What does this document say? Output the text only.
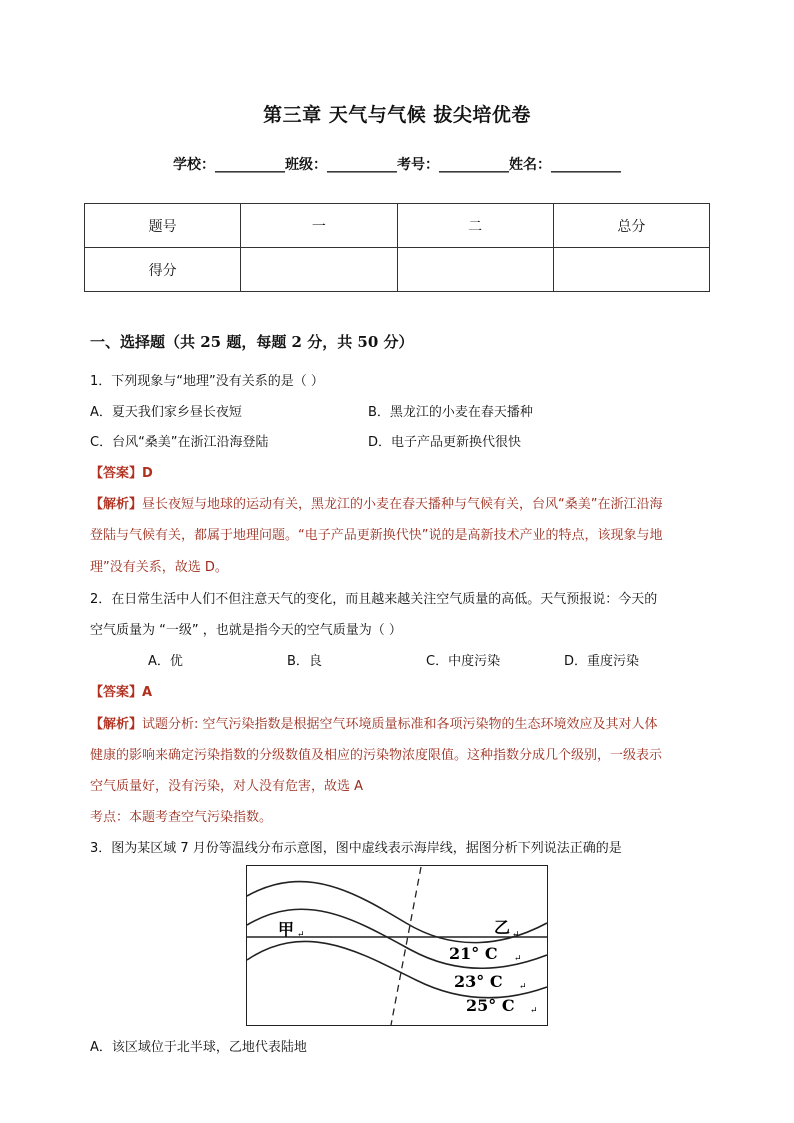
第三章 天气与气候 拔尖培优卷
学校：__________班级：__________考号：__________姓名：__________
题号	一	二	总分
得分			
一、选择题（共 25 题，每题 2 分，共 50 分）
1．下列现象与“地理”没有关系的是（ ）
A．夏天我们家乡昼长夜短	B．黑龙江的小麦在春天播种
C．台风“桑美”在浙江沿海登陆	D．电子产品更新换代很快
【答案】D
【解析】昼长夜短与地球的运动有关，黑龙江的小麦在春天播种与气候有关，台风“桑美”在浙江沿海
登陆与气候有关，都属于地理问题。“电子产品更新换代快”说的是高新技术产业的特点，该现象与地
理”没有关系，故选 D。
2．在日常生活中人们不但注意天气的变化，而且越来越关注空气质量的高低。天气预报说：今天的
空气质量为 “一级” ，也就是指今天的空气质量为（ ）
A．优	B．良	C．中度污染	D．重度污染
【答案】A
【解析】试题分析: 空气污染指数是根据空气环境质量标准和各项污染物的生态环境效应及其对人体
健康的影响来确定污染指数的分级数值及相应的污染物浓度限值。这种指数分成几个级别，一级表示
空气质量好，没有污染，对人没有危害，故选 A
考点：本题考查空气污染指数。
3．图为某区域 7 月份等温线分布示意图，图中虚线表示海岸线，据图分析下列说法正确的是
甲 ↵	乙 ↵
21° C ↵
23° C ↵
25° C ↵
A．该区域位于北半球，乙地代表陆地
